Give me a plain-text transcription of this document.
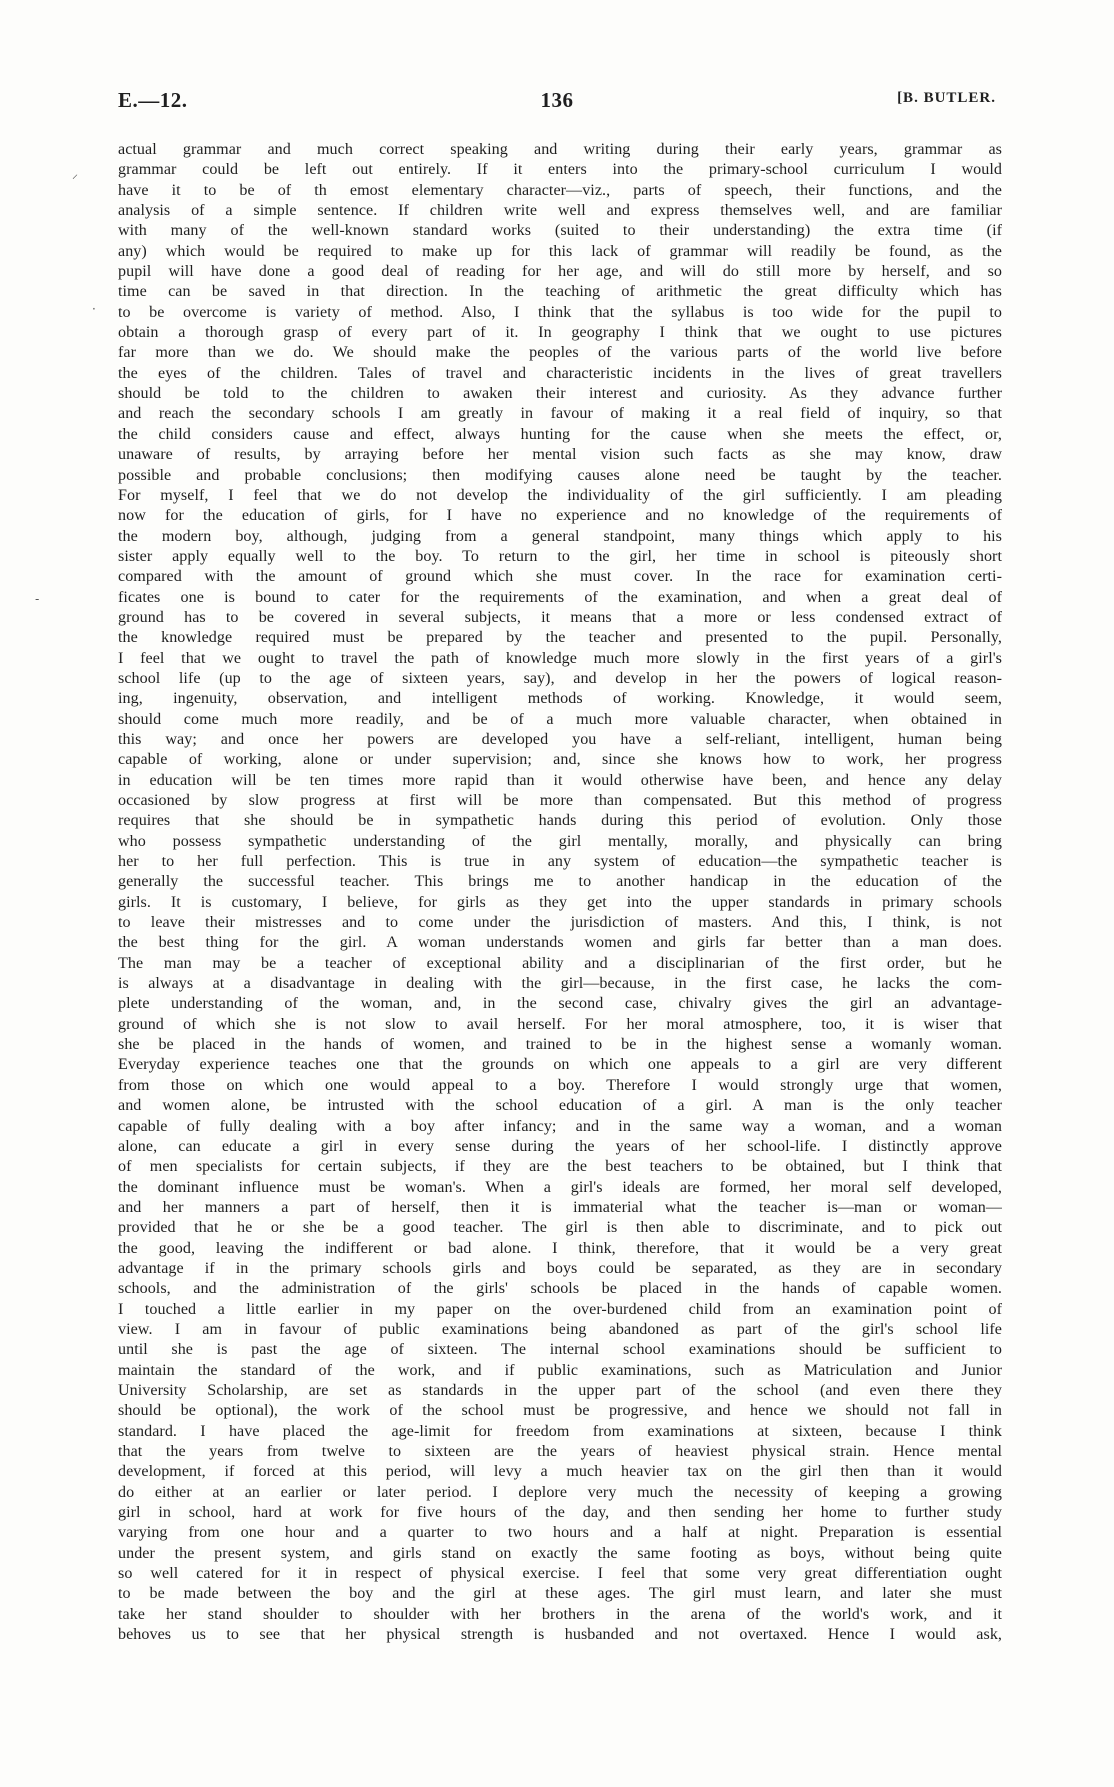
E.—12.	136	[B. BUTLER.
⸝
·
-
actual grammar and much correct speaking and writing during their early years, grammar as
grammar could be left out entirely. If it enters into the primary-school curriculum I would
have it to be of th emost elementary character—viz., parts of speech, their functions, and the
analysis of a simple sentence. If children write well and express themselves well, and are familiar
with many of the well-known standard works (suited to their understanding) the extra time (if
any) which would be required to make up for this lack of grammar will readily be found, as the
pupil will have done a good deal of reading for her age, and will do still more by herself, and so
time can be saved in that direction. In the teaching of arithmetic the great difficulty which has
to be overcome is variety of method. Also, I think that the syllabus is too wide for the pupil to
obtain a thorough grasp of every part of it. In geography I think that we ought to use pictures
far more than we do. We should make the peoples of the various parts of the world live before
the eyes of the children. Tales of travel and characteristic incidents in the lives of great travellers
should be told to the children to awaken their interest and curiosity. As they advance further
and reach the secondary schools I am greatly in favour of making it a real field of inquiry, so that
the child considers cause and effect, always hunting for the cause when she meets the effect, or,
unaware of results, by arraying before her mental vision such facts as she may know, draw
possible and probable conclusions; then modifying causes alone need be taught by the teacher.
For myself, I feel that we do not develop the individuality of the girl sufficiently. I am pleading
now for the education of girls, for I have no experience and no knowledge of the requirements of
the modern boy, although, judging from a general standpoint, many things which apply to his
sister apply equally well to the boy. To return to the girl, her time in school is piteously short
compared with the amount of ground which she must cover. In the race for examination certi-
ficates one is bound to cater for the requirements of the examination, and when a great deal of
ground has to be covered in several subjects, it means that a more or less condensed extract of
the knowledge required must be prepared by the teacher and presented to the pupil. Personally,
I feel that we ought to travel the path of knowledge much more slowly in the first years of a girl's
school life (up to the age of sixteen years, say), and develop in her the powers of logical reason-
ing, ingenuity, observation, and intelligent methods of working. Knowledge, it would seem,
should come much more readily, and be of a much more valuable character, when obtained in
this way; and once her powers are developed you have a self-reliant, intelligent, human being
capable of working, alone or under supervision; and, since she knows how to work, her progress
in education will be ten times more rapid than it would otherwise have been, and hence any delay
occasioned by slow progress at first will be more than compensated. But this method of progress
requires that she should be in sympathetic hands during this period of evolution. Only those
who possess sympathetic understanding of the girl mentally, morally, and physically can bring
her to her full perfection. This is true in any system of education—the sympathetic teacher is
generally the successful teacher. This brings me to another handicap in the education of the
girls. It is customary, I believe, for girls as they get into the upper standards in primary schools
to leave their mistresses and to come under the jurisdiction of masters. And this, I think, is not
the best thing for the girl. A woman understands women and girls far better than a man does.
The man may be a teacher of exceptional ability and a disciplinarian of the first order, but he
is always at a disadvantage in dealing with the girl—because, in the first case, he lacks the com-
plete understanding of the woman, and, in the second case, chivalry gives the girl an advantage-
ground of which she is not slow to avail herself. For her moral atmosphere, too, it is wiser that
she be placed in the hands of women, and trained to be in the highest sense a womanly woman.
Everyday experience teaches one that the grounds on which one appeals to a girl are very different
from those on which one would appeal to a boy. Therefore I would strongly urge that women,
and women alone, be intrusted with the school education of a girl. A man is the only teacher
capable of fully dealing with a boy after infancy; and in the same way a woman, and a woman
alone, can educate a girl in every sense during the years of her school-life. I distinctly approve
of men specialists for certain subjects, if they are the best teachers to be obtained, but I think that
the dominant influence must be woman's. When a girl's ideals are formed, her moral self developed,
and her manners a part of herself, then it is immaterial what the teacher is—man or woman—
provided that he or she be a good teacher. The girl is then able to discriminate, and to pick out
the good, leaving the indifferent or bad alone. I think, therefore, that it would be a very great
advantage if in the primary schools girls and boys could be separated, as they are in secondary
schools, and the administration of the girls' schools be placed in the hands of capable women.
I touched a little earlier in my paper on the over-burdened child from an examination point of
view. I am in favour of public examinations being abandoned as part of the girl's school life
until she is past the age of sixteen. The internal school examinations should be sufficient to
maintain the standard of the work, and if public examinations, such as Matriculation and Junior
University Scholarship, are set as standards in the upper part of the school (and even there they
should be optional), the work of the school must be progressive, and hence we should not fall in
standard. I have placed the age-limit for freedom from examinations at sixteen, because I think
that the years from twelve to sixteen are the years of heaviest physical strain. Hence mental
development, if forced at this period, will levy a much heavier tax on the girl then than it would
do either at an earlier or later period. I deplore very much the necessity of keeping a growing
girl in school, hard at work for five hours of the day, and then sending her home to further study
varying from one hour and a quarter to two hours and a half at night. Preparation is essential
under the present system, and girls stand on exactly the same footing as boys, without being quite
so well catered for it in respect of physical exercise. I feel that some very great differentiation ought
to be made between the boy and the girl at these ages. The girl must learn, and later she must
take her stand shoulder to shoulder with her brothers in the arena of the world's work, and it
behoves us to see that her physical strength is husbanded and not overtaxed. Hence I would ask,
